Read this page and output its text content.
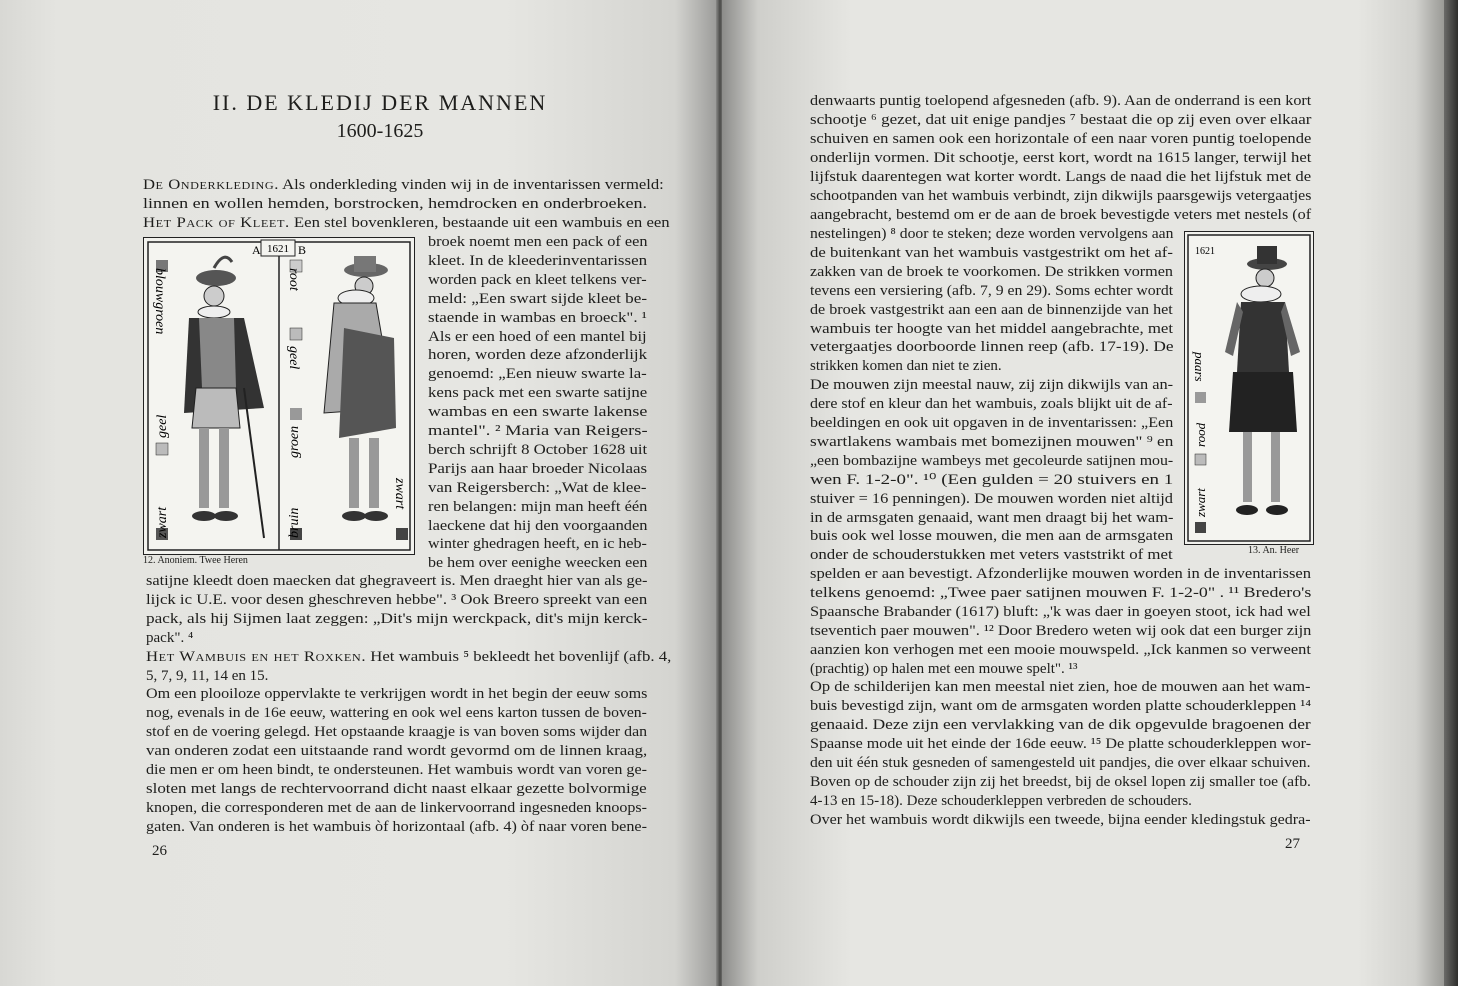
II. DE KLEDIJ DER MANNEN
1600-1625
De Onderkleding. Als onderkleding vinden wij in de inventarissen vermeld:
linnen en wollen hemden, borstrocken, hemdrocken en onderbroeken.
Het Pack of Kleet. Een stel bovenkleren, bestaande uit een wambuis en een
broek noemt men een pack of een
kleet. In de kleederinventarissen
worden pack en kleet telkens ver-
meld: „Een swart sijde kleet be-
staende in wambas en broeck". ¹
Als er een hoed of een mantel bij
horen, worden deze afzonderlijk
genoemd: „Een nieuw swarte la-
kens pack met een swarte satijne
wambas en een swarte lakense
mantel". ² Maria van Reigers-
berch schrijft 8 October 1628 uit
Parijs aan haar broeder Nicolaas
van Reigersberch: „Wat de klee-
ren belangen: mijn man heeft één
laeckene dat hij den voorgaanden
winter ghedragen heeft, en ic heb-
be hem over eenighe weecken een
satijne kleedt doen maecken dat ghegraveert is. Men draeght hier van als ge-
lijck ic U.E. voor desen gheschreven hebbe". ³ Ook Breero spreekt van een
pack, als hij Sijmen laat zeggen: „Dit's mijn werckpack, dit's mijn kerck-
pack". ⁴
Het Wambuis en het Roxken. Het wambuis ⁵ bekleedt het bovenlijf (afb. 4,
5, 7, 9, 11, 14 en 15.
Om een plooiloze oppervlakte te verkrijgen wordt in het begin der eeuw soms
nog, evenals in de 16e eeuw, wattering en ook wel eens karton tussen de boven-
stof en de voering gelegd. Het opstaande kraagje is van boven soms wijder dan
van onderen zodat een uitstaande rand wordt gevormd om de linnen kraag,
die men er om heen bindt, te ondersteunen. Het wambuis wordt van voren ge-
sloten met langs de rechtervoorrand dicht naast elkaar gezette bolvormige
knopen, die corresponderen met de aan de linkervoorrand ingesneden knoops-
gaten. Van onderen is het wambuis òf horizontaal (afb. 4) òf naar voren bene-
1621
A	B
zwart
geel
blouwgroen
bruin
groen
geel
root
zwart
12. Anoniem. Twee Heren
26
denwaarts puntig toelopend afgesneden (afb. 9). Aan de onderrand is een kort
schootje ⁶ gezet, dat uit enige pandjes ⁷ bestaat die op zij even over elkaar
schuiven en samen ook een horizontale of een naar voren puntig toelopende
onderlijn vormen. Dit schootje, eerst kort, wordt na 1615 langer, terwijl het
lijfstuk daarentegen wat korter wordt. Langs de naad die het lijfstuk met de
schootpanden van het wambuis verbindt, zijn dikwijls paarsgewijs vetergaatjes
aangebracht, bestemd om er de aan de broek bevestigde veters met nestels (of
nestelingen) ⁸ door te steken; deze worden vervolgens aan
de buitenkant van het wambuis vastgestrikt om het af-
zakken van de broek te voorkomen. De strikken vormen
tevens een versiering (afb. 7, 9 en 29). Soms echter wordt
de broek vastgestrikt aan een aan de binnenzijde van het
wambuis ter hoogte van het middel aangebrachte, met
vetergaatjes doorboorde linnen reep (afb. 17-19). De
strikken komen dan niet te zien.
De mouwen zijn meestal nauw, zij zijn dikwijls van an-
dere stof en kleur dan het wambuis, zoals blijkt uit de af-
beeldingen en ook uit opgaven in de inventarissen: „Een
swartlakens wambais met bomezijnen mouwen" ⁹ en
„een bombazijne wambeys met gecoleurde satijnen mou-
wen F. 1-2-0". ¹⁰ (Een gulden = 20 stuivers en 1
stuiver = 16 penningen). De mouwen worden niet altijd
in de armsgaten genaaid, want men draagt bij het wam-
buis ook wel losse mouwen, die men aan de armsgaten
onder de schouderstukken met veters vaststrikt of met
spelden er aan bevestigt. Afzonderlijke mouwen worden in de inventarissen
telkens genoemd: „Twee paer satijnen mouwen F. 1-2-0" . ¹¹ Bredero's
Spaansche Brabander (1617) bluft: „'k was daer in goeyen stoot, ick had wel
tseventich paer mouwen". ¹² Door Bredero weten wij ook dat een burger zijn
aanzien kon verhogen met een mooie mouwspeld. „Ick kanmen so verweent
(prachtig) op halen met een mouwe spelt". ¹³
Op de schilderijen kan men meestal niet zien, hoe de mouwen aan het wam-
buis bevestigd zijn, want om de armsgaten worden platte schouderkleppen ¹⁴
genaaid. Deze zijn een vervlakking van de dik opgevulde bragoenen der
Spaanse mode uit het einde der 16de eeuw. ¹⁵ De platte schouderkleppen wor-
den uit één stuk gesneden of samengesteld uit pandjes, die over elkaar schuiven.
Boven op de schouder zijn zij het breedst, bij de oksel lopen zij smaller toe (afb.
4-13 en 15-18). Deze schouderkleppen verbreden de schouders.
Over het wambuis wordt dikwijls een tweede, bijna eender kledingstuk gedra-
1621
zwart
rood
paars
13. An. Heer
27
